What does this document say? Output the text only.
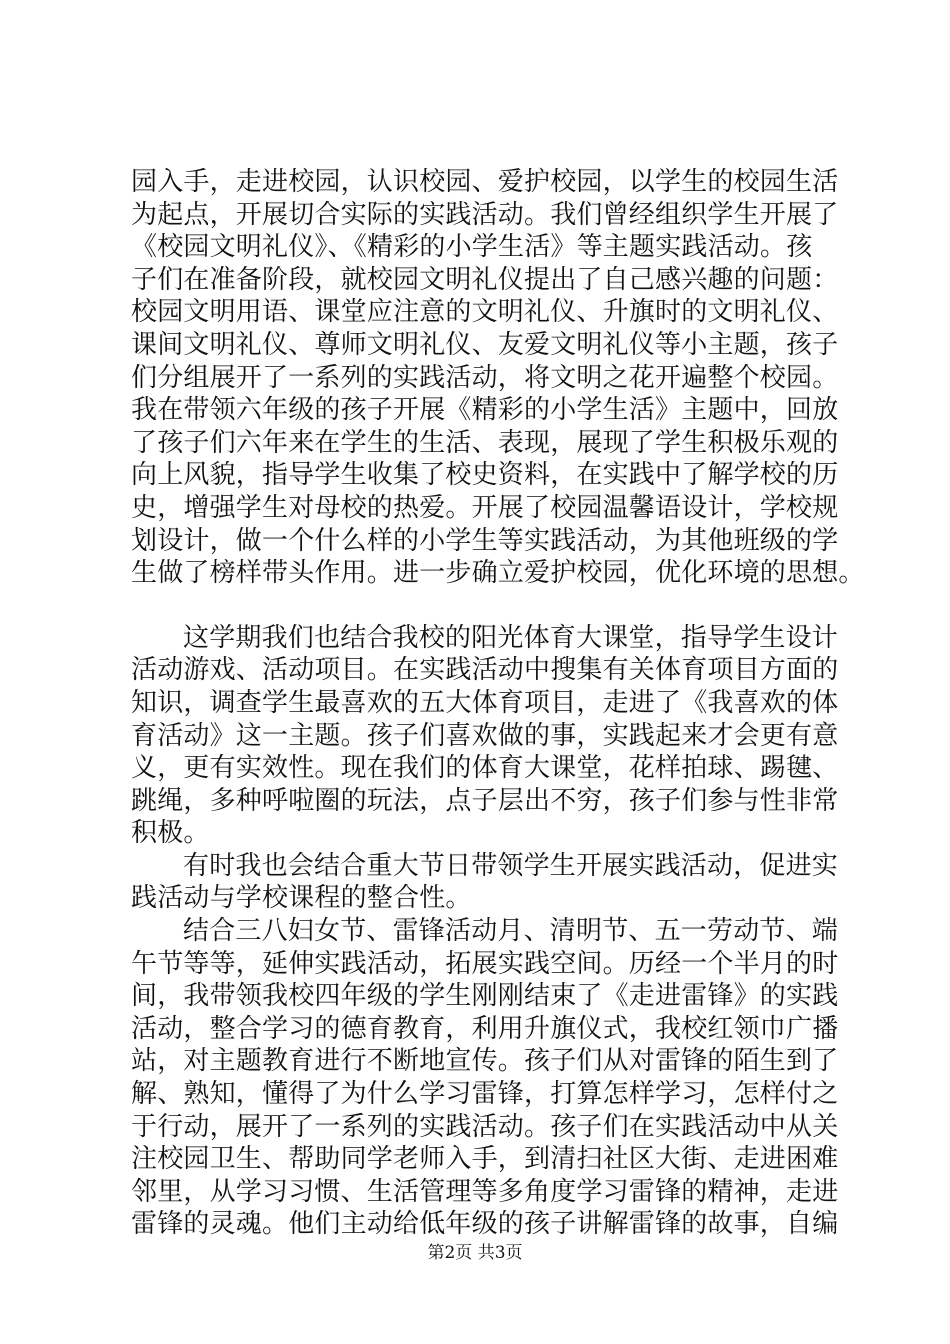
园入手，走进校园，认识校园、爱护校园，以学生的校园生活
为起点，开展切合实际的实践活动。我们曾经组织学生开展了
《校园文明礼仪》、《精彩的小学生活》等主题实践活动。孩
子们在准备阶段，就校园文明礼仪提出了自己感兴趣的问题：
校园文明用语、课堂应注意的文明礼仪、升旗时的文明礼仪、
课间文明礼仪、尊师文明礼仪、友爱文明礼仪等小主题，孩子
们分组展开了一系列的实践活动，将文明之花开遍整个校园。
我在带领六年级的孩子开展《精彩的小学生活》主题中，回放
了孩子们六年来在学生的生活、表现，展现了学生积极乐观的
向上风貌，指导学生收集了校史资料，在实践中了解学校的历
史，增强学生对母校的热爱。开展了校园温馨语设计，学校规
划设计，做一个什么样的小学生等实践活动，为其他班级的学
生做了榜样带头作用。进一步确立爱护校园，优化环境的思想。
这学期我们也结合我校的阳光体育大课堂，指导学生设计
活动游戏、活动项目。在实践活动中搜集有关体育项目方面的
知识，调查学生最喜欢的五大体育项目，走进了《我喜欢的体
育活动》这一主题。孩子们喜欢做的事，实践起来才会更有意
义，更有实效性。现在我们的体育大课堂，花样拍球、踢毽、
跳绳，多种呼啦圈的玩法，点子层出不穷，孩子们参与性非常
积极。
有时我也会结合重大节日带领学生开展实践活动，促进实
践活动与学校课程的整合性。
结合三八妇女节、雷锋活动月、清明节、五一劳动节、端
午节等等，延伸实践活动，拓展实践空间。历经一个半月的时
间，我带领我校四年级的学生刚刚结束了《走进雷锋》的实践
活动，整合学习的德育教育，利用升旗仪式，我校红领巾广播
站，对主题教育进行不断地宣传。孩子们从对雷锋的陌生到了
解、熟知，懂得了为什么学习雷锋，打算怎样学习，怎样付之
于行动，展开了一系列的实践活动。孩子们在实践活动中从关
注校园卫生、帮助同学老师入手，到清扫社区大街、走进困难
邻里，从学习习惯、生活管理等多角度学习雷锋的精神，走进
雷锋的灵魂。他们主动给低年级的孩子讲解雷锋的故事，自编
第2页 共3页
